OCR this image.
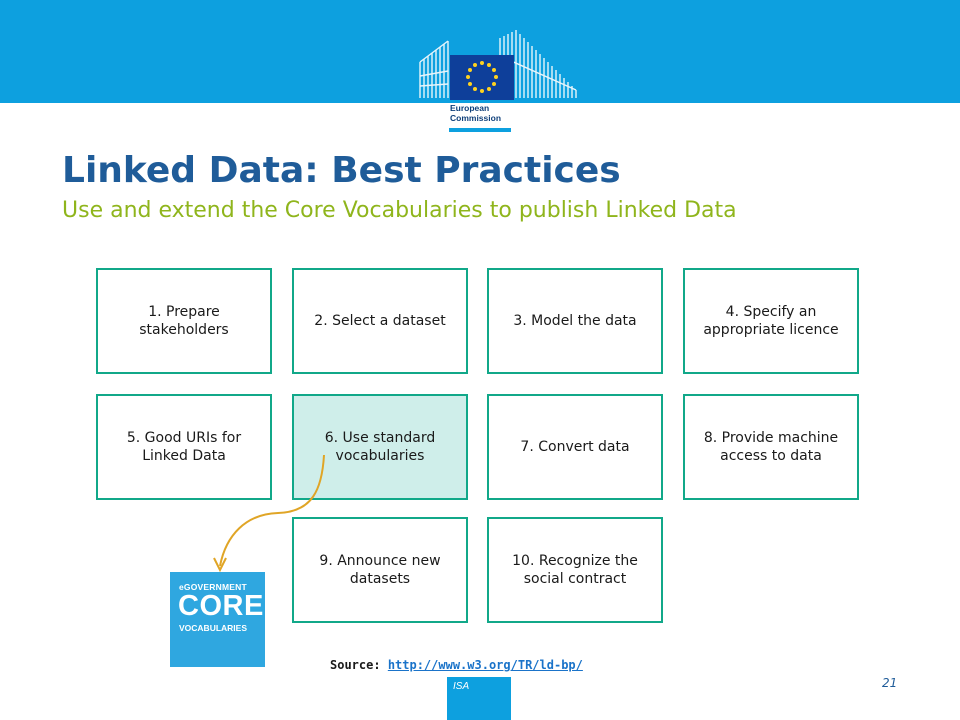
European
Commission
Linked Data: Best Practices
Use and extend the Core Vocabularies to publish Linked Data
1. Prepare stakeholders
2. Select a dataset	3. Model the data
4. Specify an appropriate licence
5. Good URIs for Linked Data
6. Use standard vocabularies
7. Convert data
8. Provide machine access to data
9. Announce new datasets
10. Recognize the social contract
eGOVERNMENT
CORE
VOCABULARIES
Source: http://www.w3.org/TR/ld-bp/
ISA	21
